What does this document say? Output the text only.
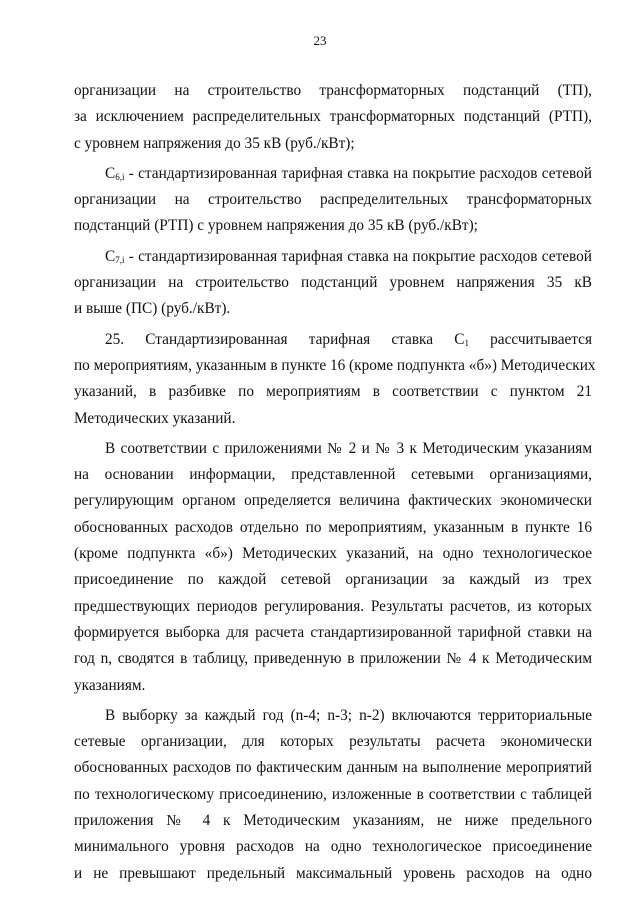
23
организации на строительство трансформаторных подстанций (ТП),
за исключением распределительных трансформаторных подстанций (РТП),
с уровнем напряжения до 35 кВ (руб./кВт);
$C_{6,i}$ - стандартизированная тарифная ставка на покрытие расходов сетевой
организации на строительство распределительных трансформаторных
подстанций (РТП) с уровнем напряжения до 35 кВ (руб./кВт);
$C_{7,i}$ - стандартизированная тарифная ставка на покрытие расходов сетевой
организации на строительство подстанций уровнем напряжения 35 кВ
и выше (ПС) (руб./кВт).
25. Стандартизированная тарифная ставка $C_1$ рассчитывается
по мероприятиям, указанным в пункте 16 (кроме подпункта «б») Методических
указаний, в разбивке по мероприятиям в соответствии с пунктом 21
Методических указаний.
В соответствии с приложениями № 2 и № 3 к Методическим указаниям
на основании информации, представленной сетевыми организациями,
регулирующим органом определяется величина фактических экономически
обоснованных расходов отдельно по мероприятиям, указанным в пункте 16
(кроме подпункта «б») Методических указаний, на одно технологическое
присоединение по каждой сетевой организации за каждый из трех
предшествующих периодов регулирования. Результаты расчетов, из которых
формируется выборка для расчета стандартизированной тарифной ставки на
год n, сводятся в таблицу, приведенную в приложении № 4 к Методическим
указаниям.
В выборку за каждый год (n-4; n-3; n-2) включаются территориальные
сетевые организации, для которых результаты расчета экономически
обоснованных расходов по фактическим данным на выполнение мероприятий
по технологическому присоединению, изложенные в соответствии с таблицей
приложения № 4 к Методическим указаниям, не ниже предельного
минимального уровня расходов на одно технологическое присоединение
и не превышают предельный максимальный уровень расходов на одно
